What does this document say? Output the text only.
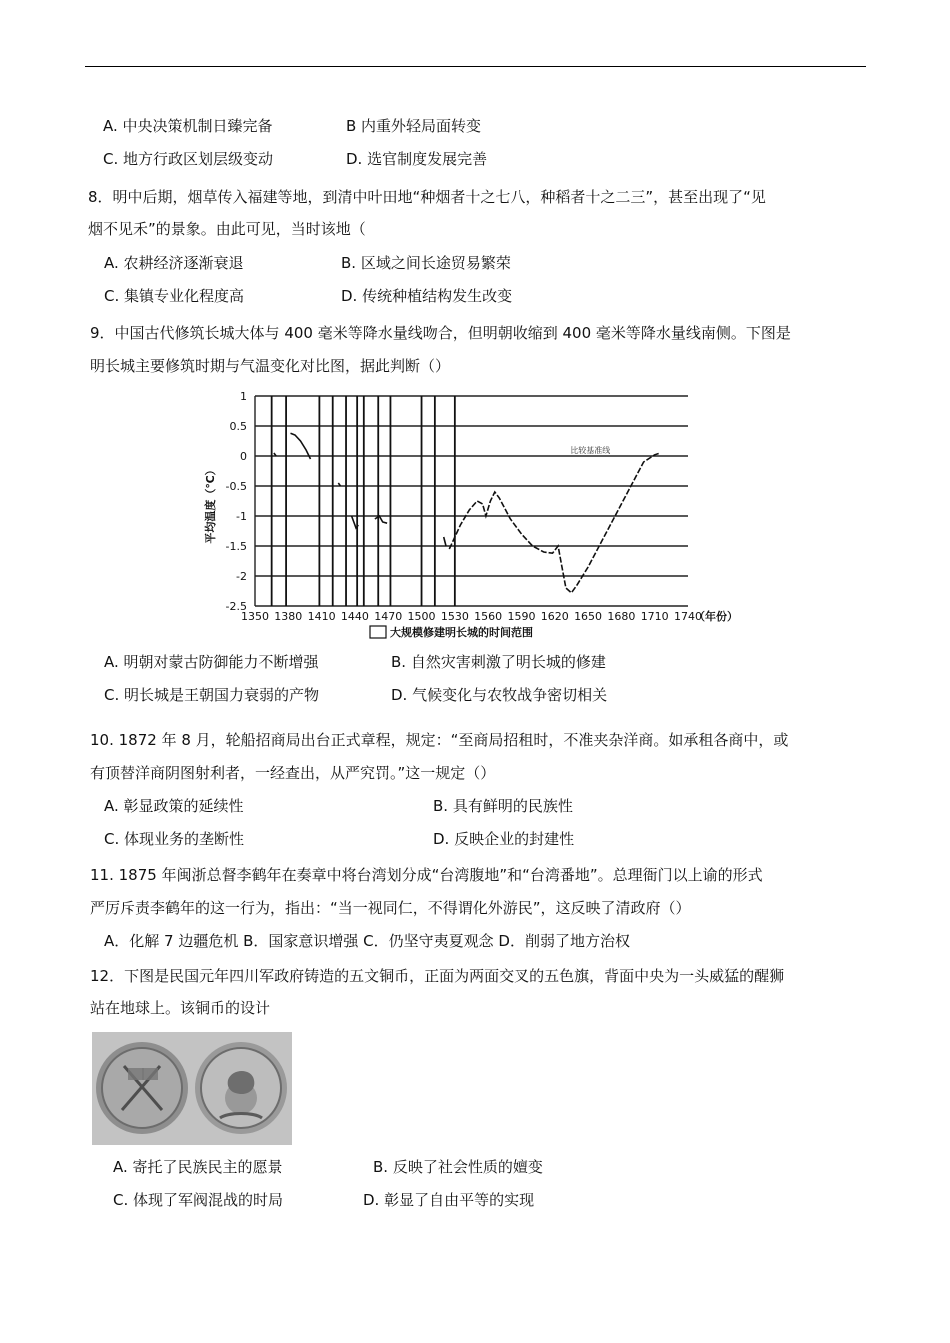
A. 中央决策机制日臻完备	B 内重外轻局面转变
C. 地方行政区划层级变动	D. 选官制度发展完善
8．明中后期，烟草传入福建等地，到清中叶田地“种烟者十之七八，种稻者十之二三”，甚至出现了“见
烟不见禾”的景象。由此可见，当时该地（
A. 农耕经济逐渐衰退	B. 区域之间长途贸易繁荣
C. 集镇专业化程度高	D. 传统种植结构发生改变
9．中国古代修筑长城大体与 400 毫米等降水量线吻合，但明朝收缩到 400 毫米等降水量线南侧。下图是
明长城主要修筑时期与气温变化对比图，据此判断（）
1
0.5
0
-0.5
-1
-1.5
-2
-2.5
1350 1380 1410 1440 1470 1500 1530 1560 1590 1620 1650 1680 1710 1740
（年份）
平均温度（℃）
比较基准线
大规模修建明长城的时间范围
A. 明朝对蒙古防御能力不断增强	B. 自然灾害刺激了明长城的修建
C. 明长城是王朝国力衰弱的产物	D. 气候变化与农牧战争密切相关
10. 1872 年 8 月，轮船招商局出台正式章程，规定：“至商局招租时，不准夹杂洋商。如承租各商中，或
有顶替洋商阴图射利者，一经查出，从严究罚。”这一规定（）
A. 彰显政策的延续性	B. 具有鲜明的民族性
C. 体现业务的垄断性	D. 反映企业的封建性
11. 1875 年闽浙总督李鹤年在奏章中将台湾划分成“台湾腹地”和“台湾番地”。总理衙门以上谕的形式
严厉斥责李鹤年的这一行为，指出：“当一视同仁，不得谓化外游民”，这反映了清政府（）
A．化解 7 边疆危机 B．国家意识增强 C．仍坚守夷夏观念 D．削弱了地方治权
12．下图是民国元年四川军政府铸造的五文铜币，正面为两面交叉的五色旗，背面中央为一头威猛的醒狮
站在地球上。该铜币的设计
A. 寄托了民族民主的愿景	B. 反映了社会性质的嬗变
C. 体现了军阀混战的时局	D. 彰显了自由平等的实现
